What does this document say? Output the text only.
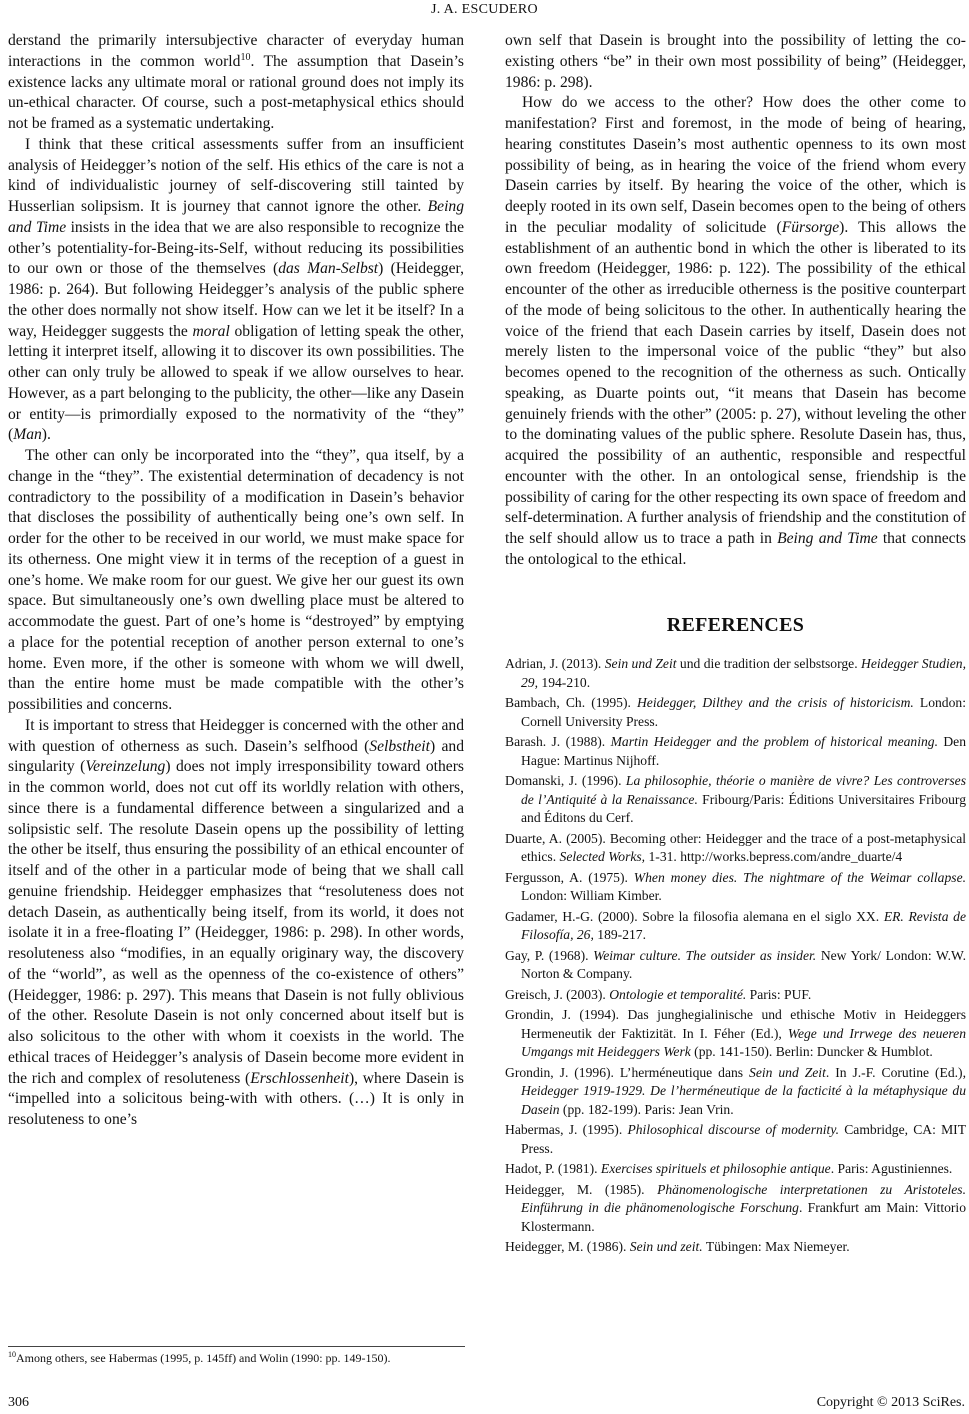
J. A. ESCUDERO

derstand the primarily intersubjective character of everyday human interactions in the common world$^{10}$. The assumption that Dasein’s existence lacks any ultimate moral or rational ground does not imply its un-ethical character. Of course, such a post-metaphysical ethics should not be framed as a systematic undertaking.

I think that these critical assessments suffer from an insufficient analysis of Heidegger’s notion of the self. His ethics of the care is not a kind of individualistic journey of self-discovering still tainted by Husserlian solipsism. It is journey that cannot ignore the other. Being and Time insists in the idea that we are also responsible to recognize the other’s potentiality-for-Being-its-Self, without reducing its possibilities to our own or those of the themselves (das Man-Selbst) (Heidegger, 1986: p. 264). But following Heidegger’s analysis of the public sphere the other does normally not show itself. How can we let it be itself? In a way, Heidegger suggests the moral obligation of letting speak the other, letting it interpret itself, allowing it to discover its own possibilities. The other can only truly be allowed to speak if we allow ourselves to hear. However, as a part belonging to the publicity, the other—like any Dasein or entity—is primordially exposed to the normativity of the “they” (Man).

The other can only be incorporated into the “they”, qua itself, by a change in the “they”. The existential determination of decadency is not contradictory to the possibility of a modification in Dasein’s behavior that discloses the possibility of authentically being one’s own self. In order for the other to be received in our world, we must make space for its otherness. One might view it in terms of the reception of a guest in one’s home. We make room for our guest. We give her our guest its own space. But simultaneously one’s own dwelling place must be altered to accommodate the guest. Part of one’s home is “destroyed” by emptying a place for the potential reception of another person external to one’s home. Even more, if the other is someone with whom we will dwell, than the entire home must be made compatible with the other’s possibilities and concerns.

It is important to stress that Heidegger is concerned with the other and with question of otherness as such. Dasein’s selfhood (Selbstheit) and singularity (Vereinzelung) does not imply irresponsibility toward others in the common world, does not cut off its worldly relation with others, since there is a fundamental difference between a singularized and a solipsistic self. The resolute Dasein opens up the possibility of letting the other be itself, thus ensuring the possibility of an ethical encounter of itself and of the other in a particular mode of being that we shall call genuine friendship. Heidegger emphasizes that “resoluteness does not detach Dasein, as authentically being itself, from its world, it does not isolate it in a free-floating I” (Heidegger, 1986: p. 298). In other words, resoluteness also “modifies, in an equally originary way, the discovery of the “world”, as well as the openness of the co-existence of others” (Heidegger, 1986: p. 297). This means that Dasein is not fully oblivious of the other. Resolute Dasein is not only concerned about itself but is also solicitous to the other with whom it coexists in the world. The ethical traces of Heidegger’s analysis of Dasein become more evident in the rich and complex of resoluteness (Erschlossenheit), where Dasein is “impelled into a solicitous being-with with others. (…) It is only in resoluteness to one’s

own self that Dasein is brought into the possibility of letting the co-existing others “be” in their own most possibility of being” (Heidegger, 1986: p. 298).

How do we access to the other? How does the other come to manifestation? First and foremost, in the mode of being of hearing, hearing constitutes Dasein’s most authentic openness to its own most possibility of being, as in hearing the voice of the friend whom every Dasein carries by itself. By hearing the voice of the other, which is deeply rooted in its own self, Dasein becomes open to the being of others in the peculiar modality of solicitude (Fürsorge). This allows the establishment of an authentic bond in which the other is liberated to its own freedom (Heidegger, 1986: p. 122). The possibility of the ethical encounter of the other as irreducible otherness is the positive counterpart of the mode of being solicitous to the other. In authentically hearing the voice of the friend that each Dasein carries by itself, Dasein does not merely listen to the impersonal voice of the public “they” but also becomes opened to the recognition of the otherness as such. Ontically speaking, as Duarte points out, “it means that Dasein has become genuinely friends with the other” (2005: p. 27), without leveling the other to the dominating values of the public sphere. Resolute Dasein has, thus, acquired the possibility of an authentic, responsible and respectful encounter with the other. In an ontological sense, friendship is the possibility of caring for the other respecting its own space of freedom and self-determination. A further analysis of friendship and the constitution of the self should allow us to trace a path in Being and Time that connects the ontological to the ethical.

REFERENCES

Adrian, J. (2013). Sein und Zeit und die tradition der selbstsorge. Heidegger Studien, 29, 194-210.

Bambach, Ch. (1995). Heidegger, Dilthey and the crisis of historicism. London: Cornell University Press.

Barash. J. (1988). Martin Heidegger and the problem of historical meaning. Den Hague: Martinus Nijhoff.

Domanski, J. (1996). La philosophie, théorie o manière de vivre? Les controverses de l’Antiquité à la Renaissance. Fribourg/Paris: Éditions Universitaires Fribourg and Éditons du Cerf.

Duarte, A. (2005). Becoming other: Heidegger and the trace of a post-metaphysical ethics. Selected Works, 1-31. http://works.bepress.com/andre_duarte/4

Fergusson, A. (1975). When money dies. The nightmare of the Weimar collapse. London: William Kimber.

Gadamer, H.-G. (2000). Sobre la filosofia alemana en el siglo XX. ER. Revista de Filosofía, 26, 189-217.

Gay, P. (1968). Weimar culture. The outsider as insider. New York/ London: W.W. Norton & Company.

Greisch, J. (2003). Ontologie et temporalité. Paris: PUF.

Grondin, J. (1994). Das junghegialinische und ethische Motiv in Heideggers Hermeneutik der Faktizität. In I. Féher (Ed.), Wege und Irrwege des neueren Umgangs mit Heideggers Werk (pp. 141-150). Berlin: Duncker & Humblot.

Grondin, J. (1996). L’herméneutique dans Sein und Zeit. In J.-F. Corutine (Ed.), Heidegger 1919-1929. De l’herméneutique de la facticité à la métaphysique du Dasein (pp. 182-199). Paris: Jean Vrin.

Habermas, J. (1995). Philosophical discourse of modernity. Cambridge, CA: MIT Press.

Hadot, P. (1981). Exercises spirituels et philosophie antique. Paris: Agustiniennes.

Heidegger, M. (1985). Phänomenologische interpretationen zu Aristoteles. Einführung in die phänomenologische Forschung. Frankfurt am Main: Vittorio Klostermann.

Heidegger, M. (1986). Sein und zeit. Tübingen: Max Niemeyer.

$^{10}$Among others, see Habermas (1995, p. 145ff) and Wolin (1990: pp. 149-150).
306	Copyright © 2013 SciRes.
